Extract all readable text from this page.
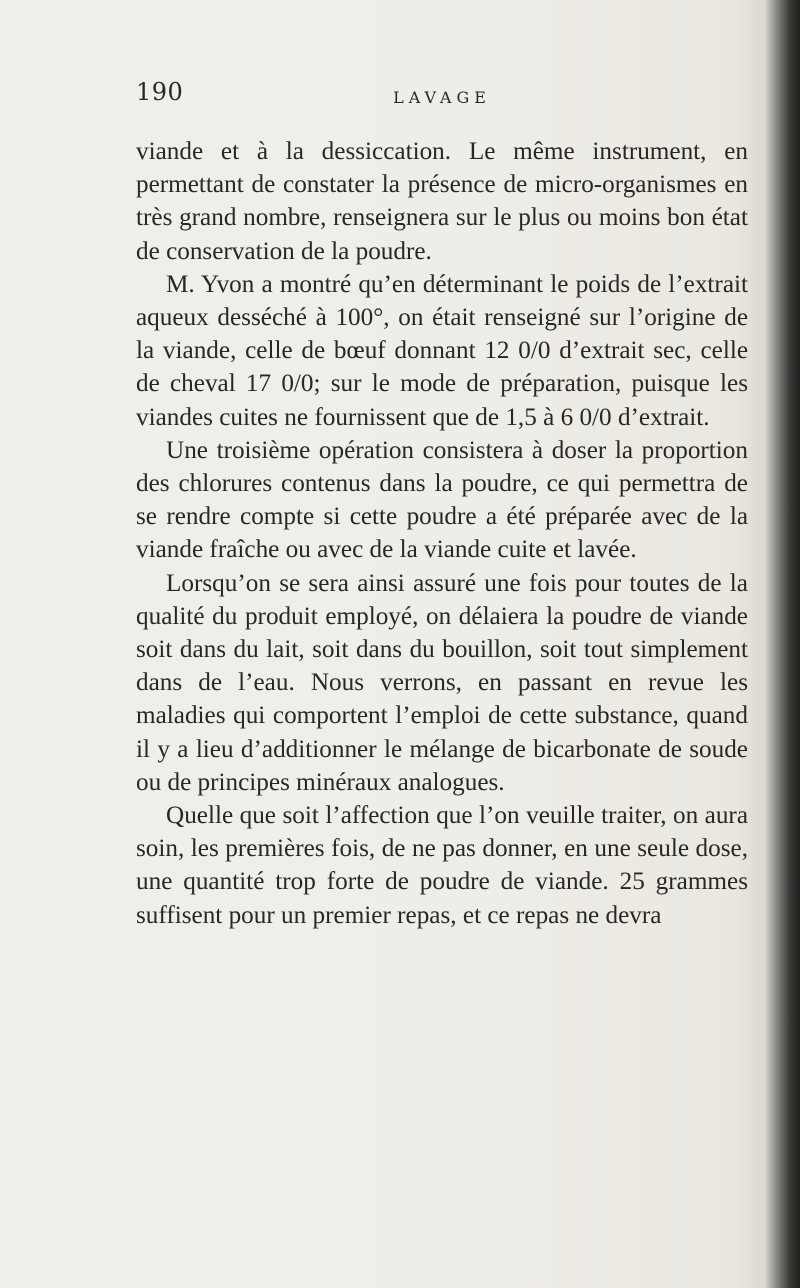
190	LAVAGE

viande et à la dessiccation. Le même instrument, en permettant de constater la présence de micro-organismes en très grand nombre, renseignera sur le plus ou moins bon état de conservation de la poudre.

M. Yvon a montré qu’en déterminant le poids de l’extrait aqueux desséché à 100°, on était renseigné sur l’origine de la viande, celle de bœuf donnant 12 0/0 d’extrait sec, celle de cheval 17 0/0; sur le mode de préparation, puisque les viandes cuites ne fournissent que de 1,5 à 6 0/0 d’extrait.

Une troisième opération consistera à doser la proportion des chlorures contenus dans la poudre, ce qui permettra de se rendre compte si cette poudre a été préparée avec de la viande fraîche ou avec de la viande cuite et lavée.

Lorsqu’on se sera ainsi assuré une fois pour toutes de la qualité du produit employé, on délaiera la poudre de viande soit dans du lait, soit dans du bouillon, soit tout simplement dans de l’eau. Nous verrons, en passant en revue les maladies qui comportent l’emploi de cette substance, quand il y a lieu d’additionner le mélange de bicarbonate de soude ou de principes minéraux analogues.

Quelle que soit l’affection que l’on veuille traiter, on aura soin, les premières fois, de ne pas donner, en une seule dose, une quantité trop forte de poudre de viande. 25 grammes suffisent pour un premier repas, et ce repas ne devra
